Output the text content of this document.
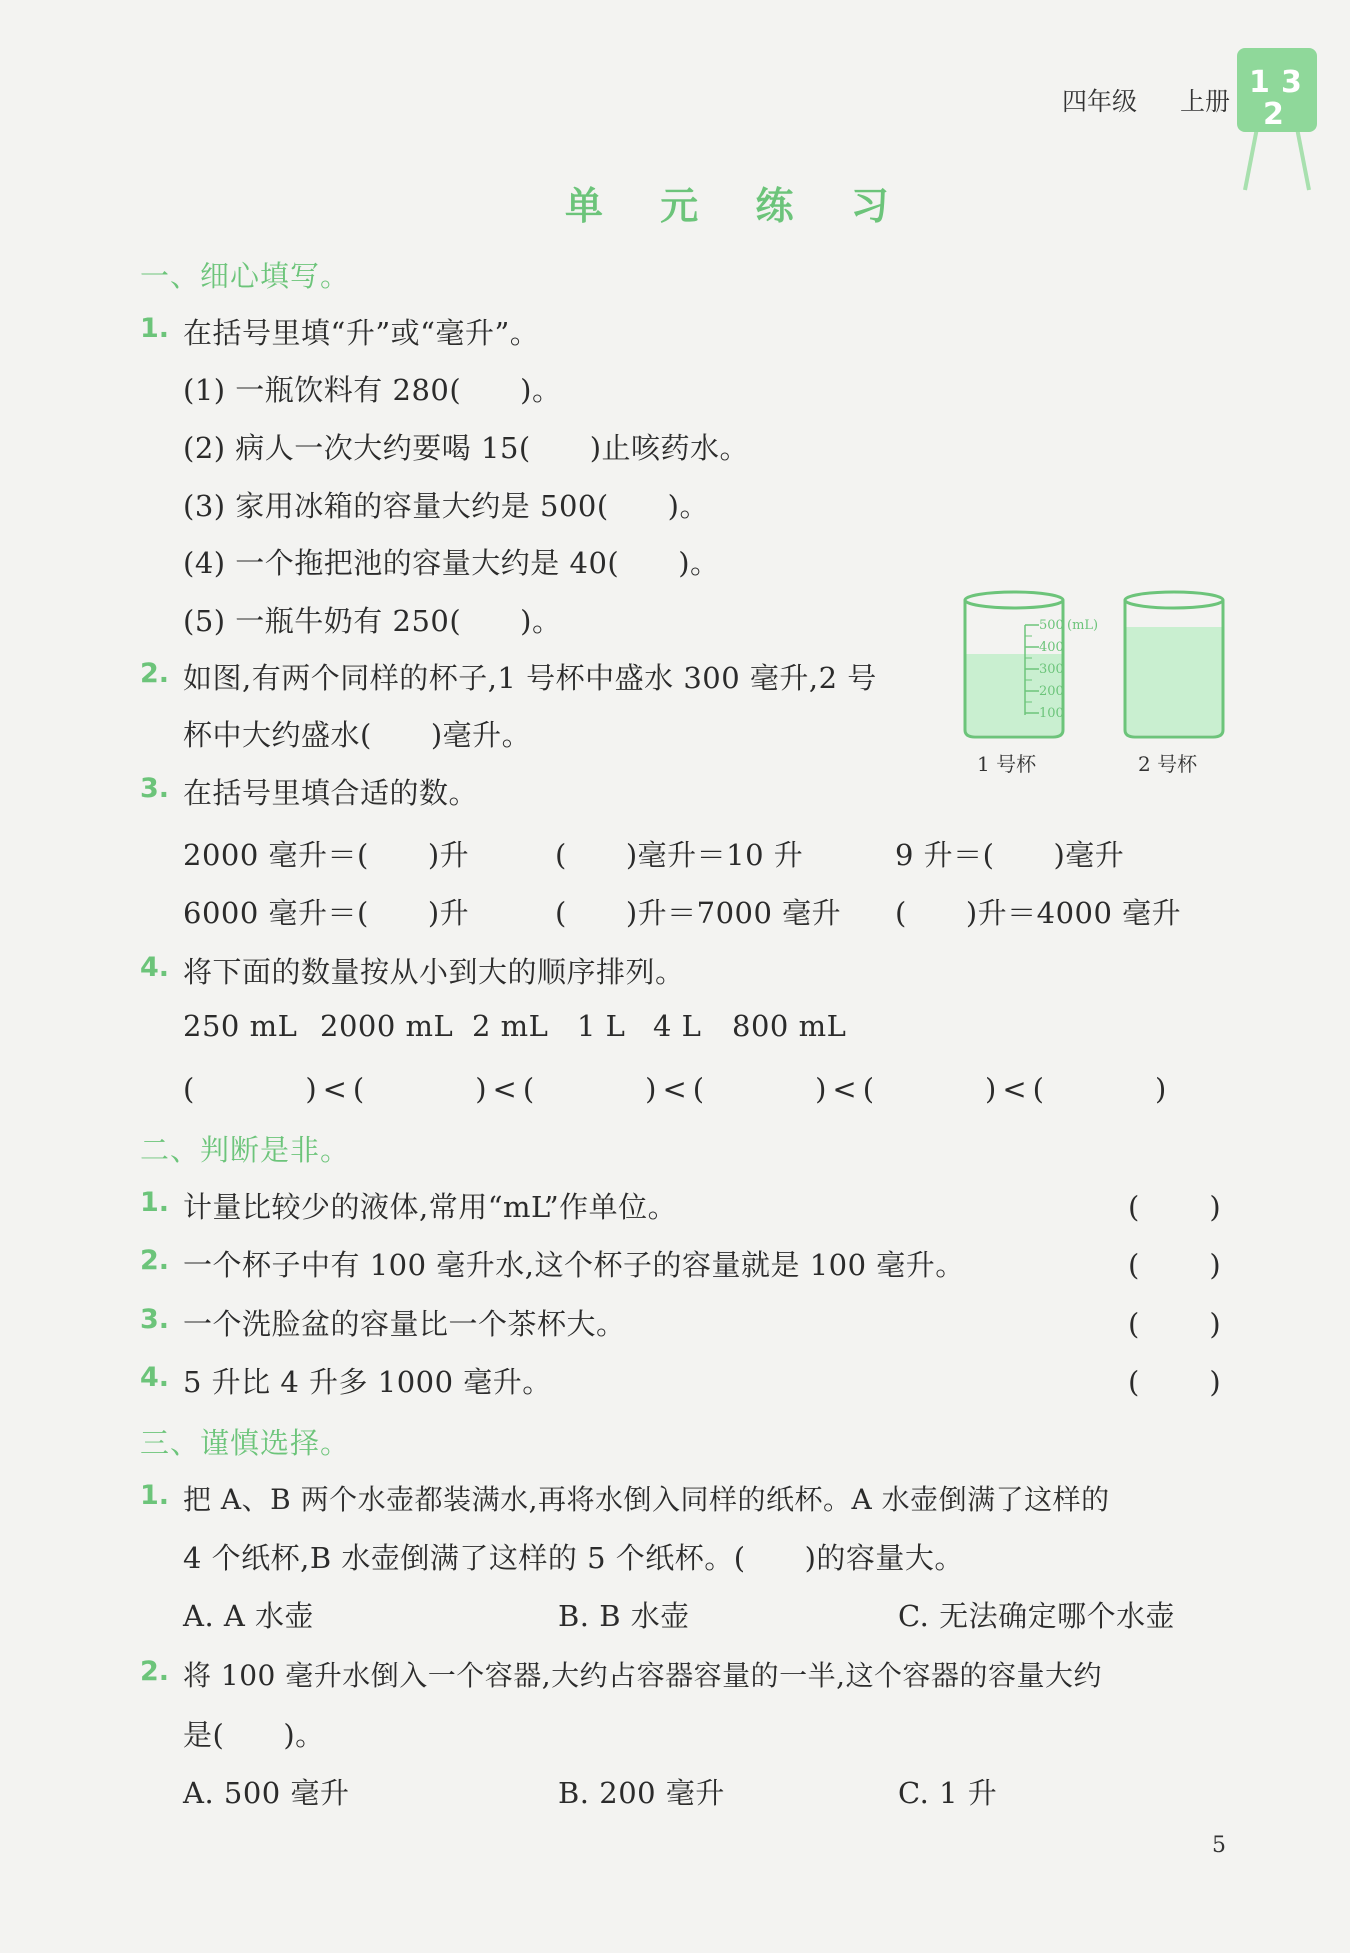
四年级 上册
1 3
2
单 元 练 习
一、细心填写。
1. 在括号里填“升”或“毫升”。
(1) 一瓶饮料有 280(　　)。
(2) 病人一次大约要喝 15(　　)止咳药水。
(3) 家用冰箱的容量大约是 500(　　)。
(4) 一个拖把池的容量大约是 40(　　)。
(5) 一瓶牛奶有 250(　　)。
2. 如图,有两个同样的杯子,1 号杯中盛水 300 毫升,2 号
杯中大约盛水(　　)毫升。
500
400
300
200
100
(mL)
1 号杯	2 号杯
3. 在括号里填合适的数。
2000 毫升＝(　　)升	(　　)毫升＝10 升	9 升＝(　　)毫升
6000 毫升＝(　　)升	(　　)升＝7000 毫升 (　　)升＝4000 毫升
4. 将下面的数量按从小到大的顺序排列。
250 mL 2000 mL 2 mL 1 L 4 L 800 mL
(　　　)<(　　　)<(　　　)<(　　　)<(　　　)<(　　　)
二、判断是非。
1. 计量比较少的液体,常用“mL”作单位。	(　　)
2. 一个杯子中有 100 毫升水,这个杯子的容量就是 100 毫升。	(　　)
3. 一个洗脸盆的容量比一个茶杯大。	(　　)
4. 5 升比 4 升多 1000 毫升。	(　　)
三、谨慎选择。
1. 把 A、B 两个水壶都装满水,再将水倒入同样的纸杯。A 水壶倒满了这样的
4 个纸杯,B 水壶倒满了这样的 5 个纸杯。(　　)的容量大。
A. A 水壶	B. B 水壶	C. 无法确定哪个水壶
2. 将 100 毫升水倒入一个容器,大约占容器容量的一半,这个容器的容量大约
是(　　)。
A. 500 毫升	B. 200 毫升	C. 1 升
5
